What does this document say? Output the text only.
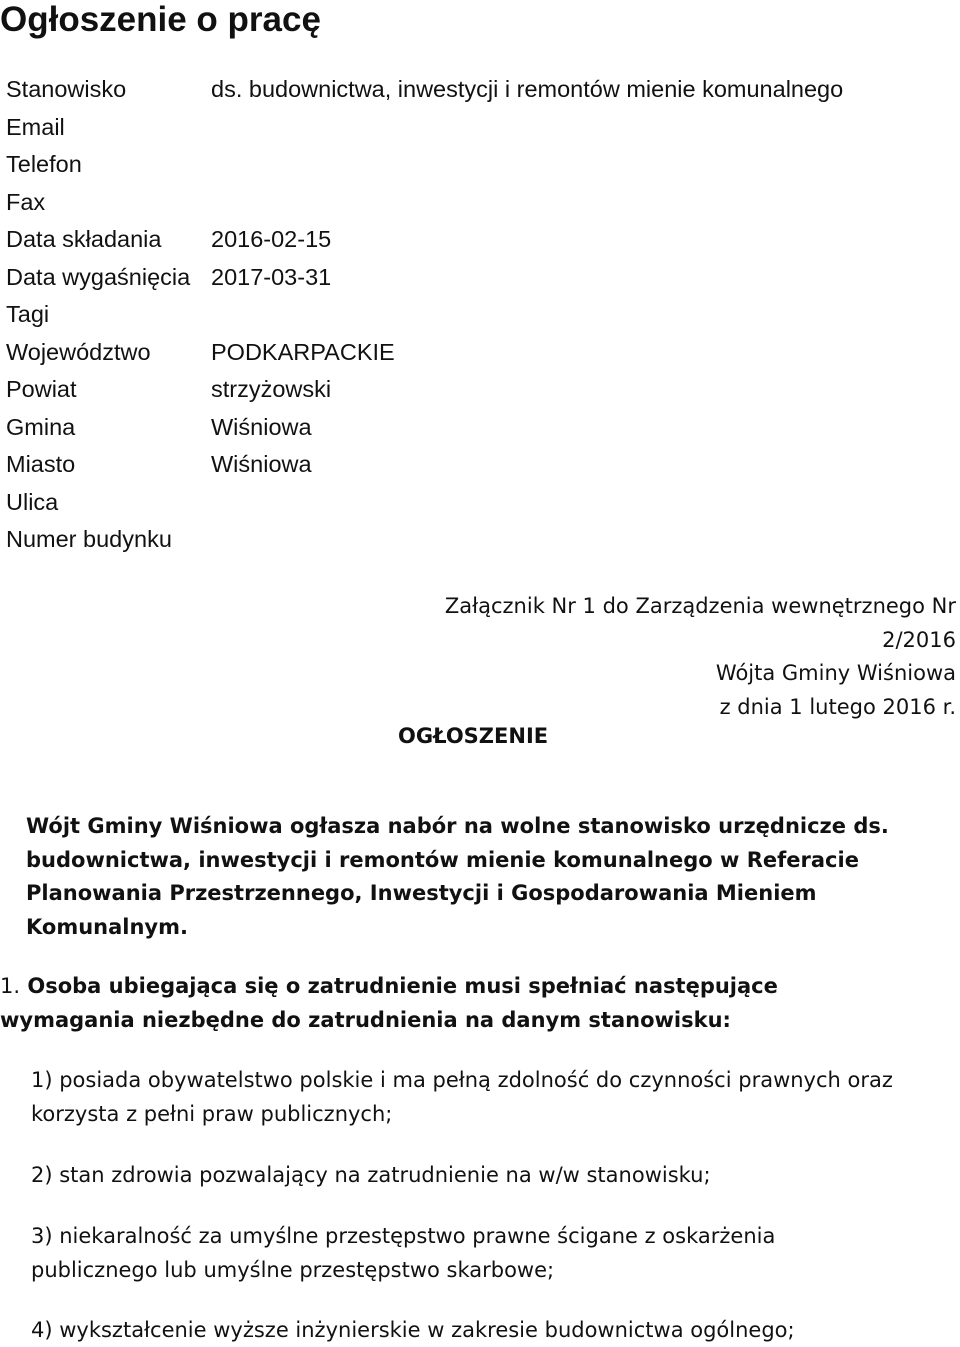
Ogłoszenie o pracę
Stanowisko	ds. budownictwa, inwestycji i remontów mienie komunalnego
Email	
Telefon	
Fax	
Data składania	2016-02-15
Data wygaśnięcia	2017-03-31
Tagi	
Województwo	PODKARPACKIE
Powiat	strzyżowski
Gmina	Wiśniowa
Miasto	Wiśniowa
Ulica	
Numer budynku	
Załącznik Nr 1 do Zarządzenia wewnętrznego Nr
2/2016
Wójta Gminy Wiśniowa
z dnia 1 lutego 2016 r.
OGŁOSZENIE
Wójt Gminy Wiśniowa ogłasza nabór na wolne stanowisko urzędnicze ds.
budownictwa, inwestycji i remontów mienie komunalnego w Referacie
Planowania Przestrzennego, Inwestycji i Gospodarowania Mieniem
Komunalnym.
1. Osoba ubiegająca się o zatrudnienie musi spełniać następujące
wymagania niezbędne do zatrudnienia na danym stanowisku:
1) posiada obywatelstwo polskie i ma pełną zdolność do czynności prawnych oraz
korzysta z pełni praw publicznych;
2) stan zdrowia pozwalający na zatrudnienie na w/w stanowisku;
3) niekaralność za umyślne przestępstwo prawne ścigane z oskarżenia
publicznego lub umyślne przestępstwo skarbowe;
4) wykształcenie wyższe inżynierskie w zakresie budownictwa ogólnego;
